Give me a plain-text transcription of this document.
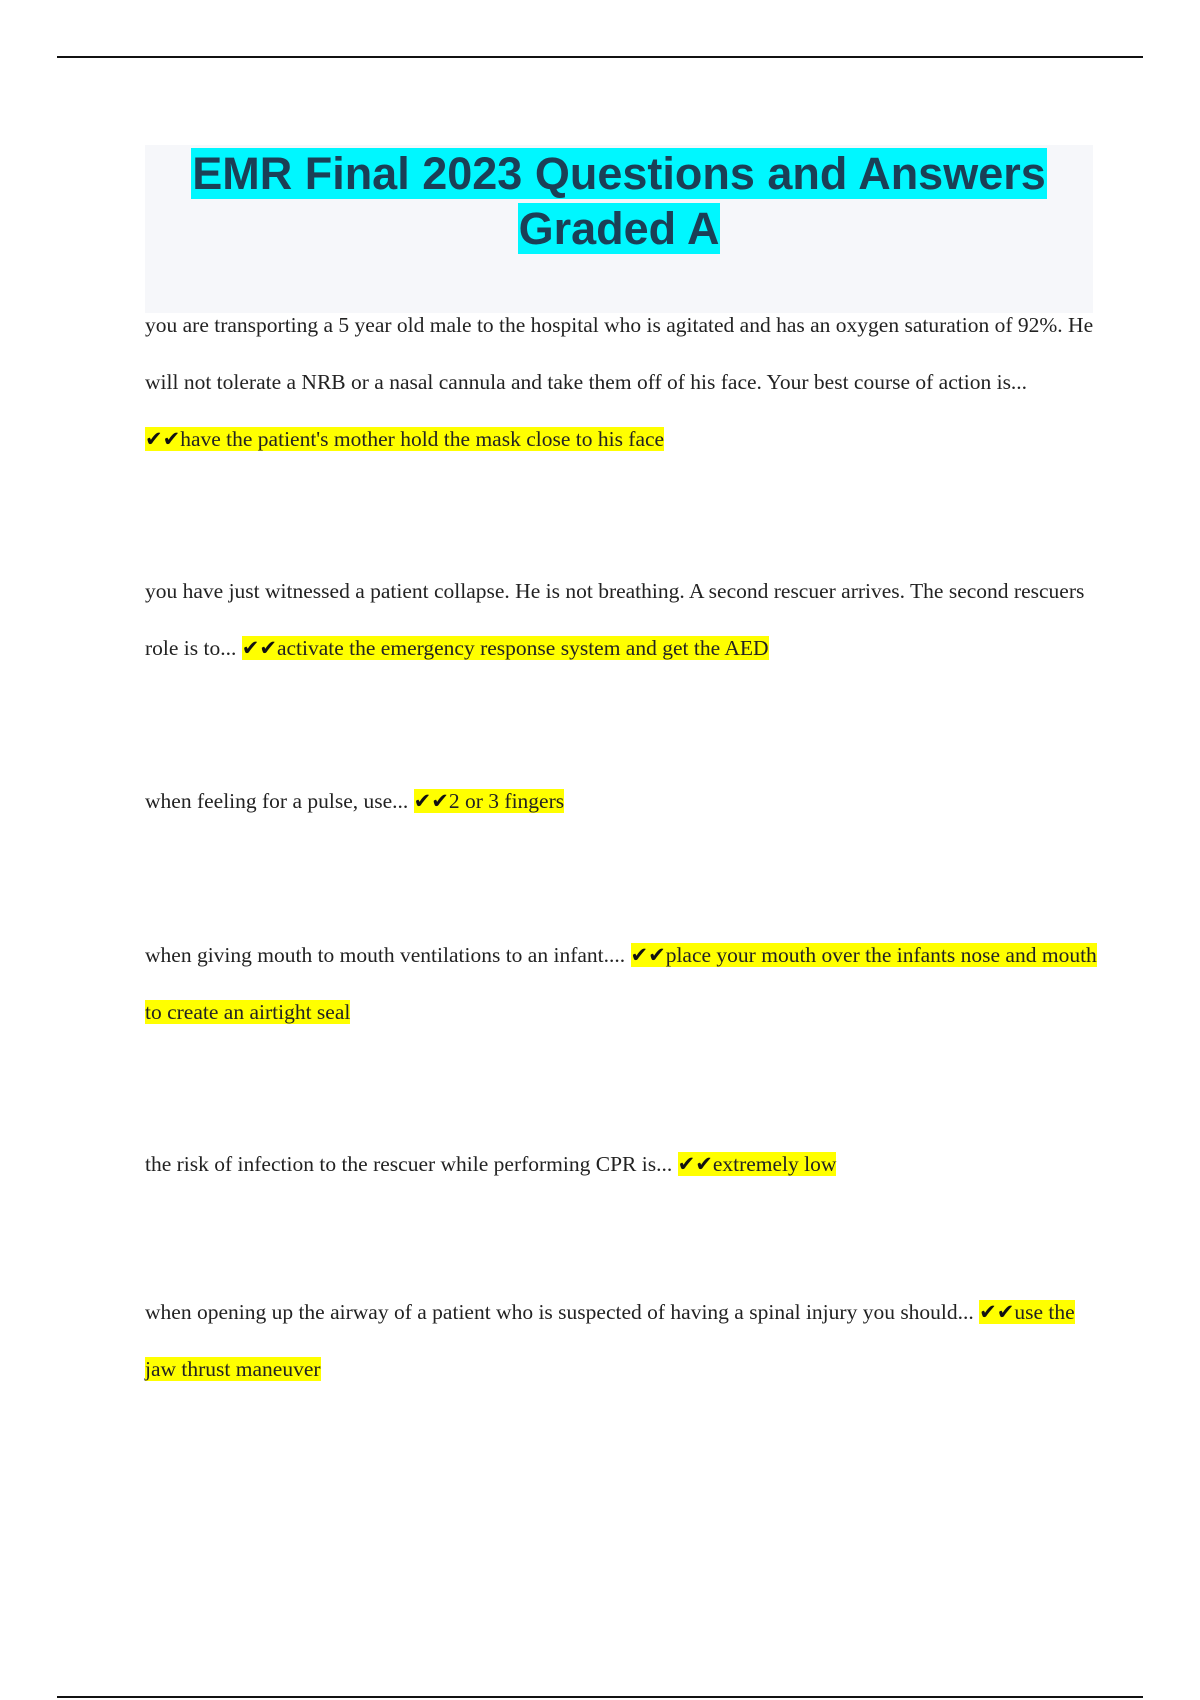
EMR Final 2023 Questions and Answers Graded A

you are transporting a 5 year old male to the hospital who is agitated and has an oxygen saturation of 92%. He will not tolerate a NRB or a nasal cannula and take them off of his face. Your best course of action is... ✔✔have the patient's mother hold the mask close to his face

you have just witnessed a patient collapse. He is not breathing. A second rescuer arrives. The second rescuers role is to... ✔✔activate the emergency response system and get the AED

when feeling for a pulse, use... ✔✔2 or 3 fingers

when giving mouth to mouth ventilations to an infant.... ✔✔place your mouth over the infants nose and mouth to create an airtight seal

the risk of infection to the rescuer while performing CPR is... ✔✔extremely low

when opening up the airway of a patient who is suspected of having a spinal injury you should... ✔✔use the jaw thrust maneuver
